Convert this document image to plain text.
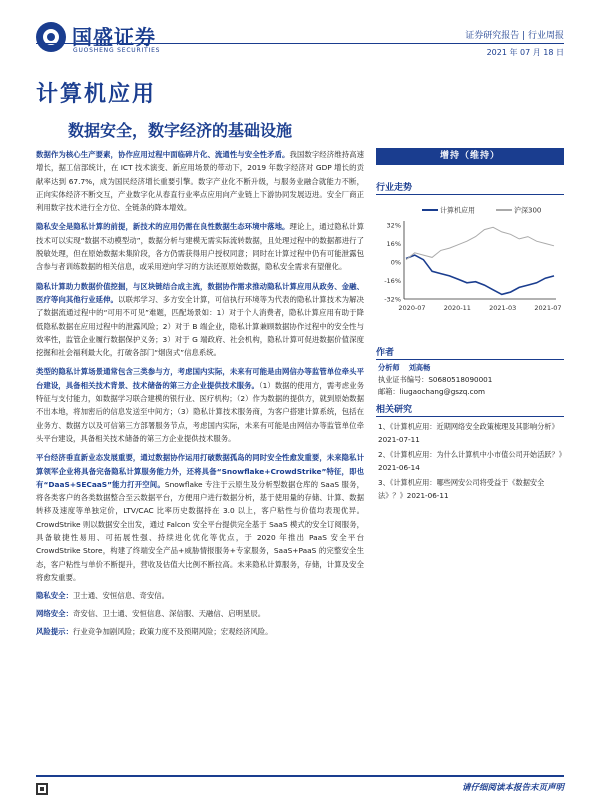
国盛证券
GUOSHENG SECURITIES
证券研究报告 | 行业周报
2021 年 07 月 18 日
计算机应用
数据安全，数字经济的基础设施

数据作为核心生产要素，协作应用过程中面临碎片化、流通性与安全性矛盾。我国数字经济维持高速增长，据工信部统计，在 ICT 技术演变、新应用场景的带动下，2019 年数字经济对 GDP 增长的贡献率达到 67.7%，成为国民经济增长重要引擎。数字产业化不断升级，与服务业融合就能力不断，正向实体经济不断交互，产业数字化从春直行业率点应用向产业链上下游协同发展迈进。安全厂商正利用数字技术进行全方位、全链条的降本增效。

隐私安全是隐私计算的前提，新技术的应用仍需在良性数据生态环境中落地。理论上，通过隐私计算技术可以实现“数据不动模型动”，数据分析与建模无需实际流转数据，且处理过程中的数据都进行了脱敏处理，但在原始数据未集阶段，各方仍需获得用户授权同意；同时在计算过程中仍有可能泄露包含参与者训练数据的相关信息，或采用逆向学习的方法还原原始数据，隐私安全需求有望催化。

隐私计算助力数据价值挖掘，与区块链结合成主流，数据协作需求推动隐私计算应用从政务、金融、医疗等向其他行业延伸。以联邦学习、多方安全计算，可信执行环境等为代表的隐私计算技术为解决了数据流通过程中的“可用不可见”难题，匹配场景如：1）对于个人消费者，隐私计算应用有助于降低隐私数据在应用过程中的泄露风险；2）对于 B 端企业，隐私计算兼顾数据协作过程中的安全性与效率性，监管企业履行数据保护义务；3）对于 G 端政府、社会机构，隐私计算可促进数据价值深度挖掘和社会福利最大化，打破各部门“烟囱式”信息系统。

类型的隐私计算场景通常包含三类参与方，考虑国内实际，未来有可能是由网信办等监管单位牵头平台建设，具备相关技术背景、技术储备的第三方企业提供技术服务。（1）数据的使用方，需考虑业务特征与支付能力，如数据学习联合建模的银行业、医疗机构；（2）作为数据的提供方，就到原始数据不出本地，将加密后的信息发送至中间方；（3）隐私计算技术服务商，为客户搭建计算系统，包括在业务方、数据方以及可信第三方部署服务节点，考虑国内实际，未来有可能是由网信办等监管单位牵头平台建设，具备相关技术储备的第三方企业提供技术服务。

平台经济垂直新业态发展重要，通过数据协作运用打破数据孤岛的同时安全性愈发重要，未来隐私计算领军企业将具备完备隐私计算服务能力外，还将具备“Snowflake+CrowdStrike”特征，即也有“DaaS+SECaaS”能力打开空间。Snowflake 专注于云原生及分析型数据仓库的 SaaS 服务，将各类客户的各类数据整合至云数据平台，方便用户进行数据分析，基于使用量的存储、计算、数据转移及速度等单独定价，LTV/CAC 比率历史数据持在 3.0 以上，客户粘性与价值均表现优异。CrowdStrike 则以数据安全出发，通过 Falcon 安全平台提供完全基于 SaaS 模式的安全订阅服务，具备敏捷性易用、可拓展性强、持续进化优化等优点，于 2020 年推出 PaaS 安全平台 CrowdStrike Store，构建了终端安全产品+威胁情报服务+专家服务，SaaS+PaaS 的完整安全生态，客户粘性与单价不断提升，营收及估值大比例不断拉高。未来隐私计算服务，存储，计算及安全将愈发重要。

隐私安全：卫士通、安恒信息、奇安信。

网络安全：奇安信、卫士通、安恒信息、深信服、天融信、启明星辰。

风险提示：行业竞争加剧风险；政策力度不及预期风险；宏观经济风险。

增持（维持）
行业走势
计算机应用	沪深300
32%
16%
0%
-16%
-32%
2020-07	2020-11	2021-03	2021-07
作者
分析师 刘高畅
执业证书编号：S0680518090001
邮箱：liugaochang@gszq.com
相关研究

1、《计算机应用：近期网络安全政策梳理及其影响分析》
2021-07-11

2、《计算机应用：为什么计算机中小市值公司开始活跃？》2021-06-14

3、《计算机应用：哪些网安公司将受益于《数据安全法》？》2021-06-11

请仔细阅读本报告末页声明
